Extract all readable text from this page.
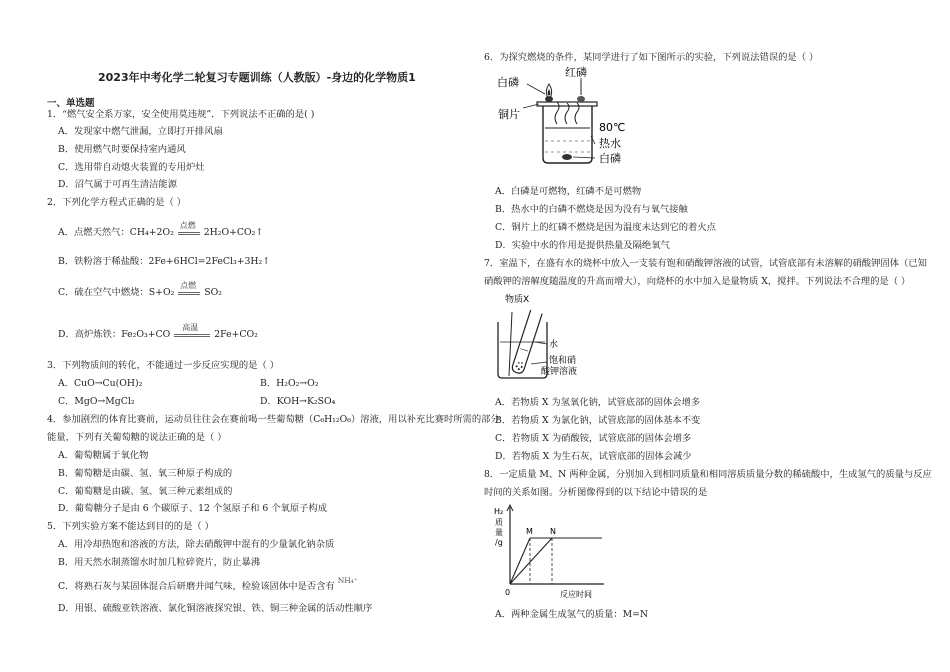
2023年中考化学二轮复习专题训练（人教版）-身边的化学物质1
一、单选题
1．“燃气安全系万家，安全使用莫违规”．下列说法不正确的是( )
A．发现家中燃气泄漏，立即打开排风扇
B．使用燃气时要保持室内通风
C．选用带自动熄火装置的专用炉灶
D．沼气属于可再生清洁能源
2．下列化学方程式正确的是（ ）
A．点燃天然气：CH₄+2O₂
点燃
2H₂O+CO₂↑
B．铁粉溶于稀盐酸：2Fe+6HCl=2FeCl₃+3H₂↑
C．硫在空气中燃烧：S+O₂
点燃
SO₂
D．高炉炼铁：Fe₂O₃+CO
高温
2Fe+CO₂
3．下列物质间的转化，不能通过一步反应实现的是（ ）
A．CuO→Cu(OH)₂	B．H₂O₂→O₂
C．MgO→MgCl₂	D．KOH→K₂SO₄
4．参加剧烈的体育比赛前，运动员往往会在赛前喝一些葡萄糖（C₆H₁₂O₆）溶液，用以补充比赛时所需的部分
能量，下列有关葡萄糖的说法正确的是（ ）
A．葡萄糖属于氧化物
B．葡萄糖是由碳、氢、氧三种原子构成的
C．葡萄糖是由碳、氢、氧三种元素组成的
D．葡萄糖分子是由 6 个碳原子、12 个氢原子和 6 个氧原子构成
5．下列实验方案不能达到目的的是（ ）
A．用冷却热饱和溶液的方法，除去硝酸钾中混有的少量氯化钠杂质
B．用天然水制蒸馏水时加几粒碎瓷片，防止暴沸
C．将熟石灰与某固体混合后研磨并闻气味，检验该固体中是否含有 $^{NH_4^+}$
D．用银、硫酸亚铁溶液、氯化铜溶液探究银、铁、铜三种金属的活动性顺序
6．为探究燃烧的条件，某同学进行了如下图所示的实验，下列说法错误的是（ ）
红磷
白磷
铜片
80℃
热水
白磷
A．白磷是可燃物，红磷不是可燃物
B．热水中的白磷不燃烧是因为没有与氧气接触
C．铜片上的红磷不燃烧是因为温度未达到它的着火点
D．实验中水的作用是提供热量及隔绝氧气
7．室温下，在盛有水的烧杯中放入一支装有饱和硝酸钾溶液的试管，试管底部有未溶解的硝酸钾固体（已知
硝酸钾的溶解度随温度的升高而增大），向烧杯的水中加入是量物质 X，搅拌。下列说法不合理的是（ ）
物质X
水
饱和硝
酸钾溶液
A．若物质 X 为氢氧化钠，试管底部的固体会增多
B．若物质 X 为氯化钠，试管底部的固体基本不变
C．若物质 X 为硝酸铵，试管底部的固体会增多
D．若物质 X 为生石灰，试管底部的固体会减少
8．一定质量 M、N 两种金属，分别加入到相同质量和相同溶质质量分数的稀硫酸中，生成氢气的质量与反应
时间的关系如图。分析图像得到的以下结论中错误的是
H₂
质
量
/g
0	反应时间
M N
A．两种金属生成氢气的质量：M=N
